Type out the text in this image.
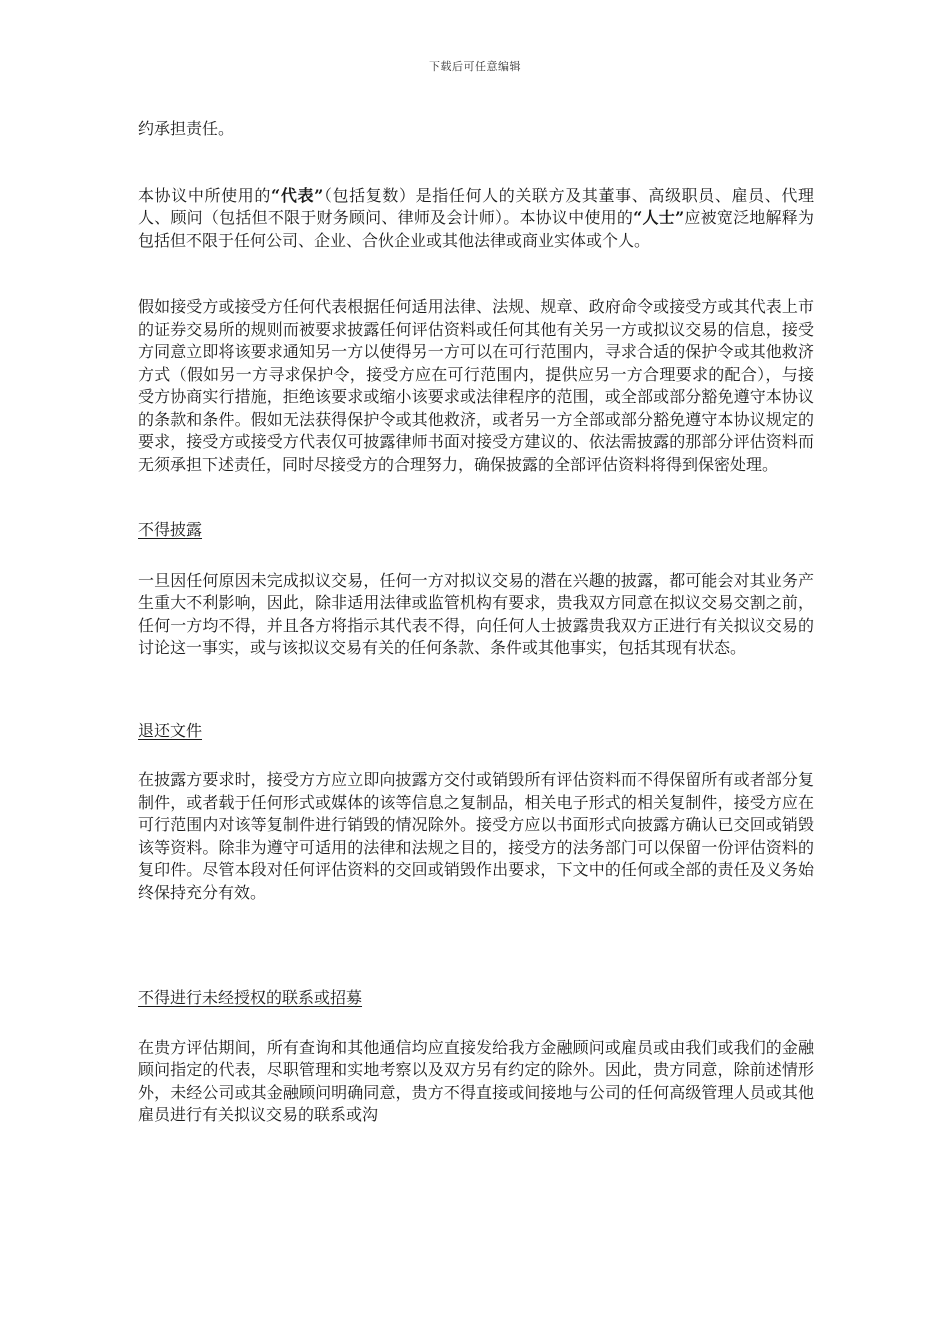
下载后可任意编辑

约承担责任。

本协议中所使用的“代表”（包括复数）是指任何人的关联方及其董事、高级职员、雇员、代理人、顾问（包括但不限于财务顾问、律师及会计师）。本协议中使用的“人士”应被宽泛地解释为包括但不限于任何公司、企业、合伙企业或其他法律或商业实体或个人。

假如接受方或接受方任何代表根据任何适用法律、法规、规章、政府命令或接受方或其代表上市的证券交易所的规则而被要求披露任何评估资料或任何其他有关另一方或拟议交易的信息，接受方同意立即将该要求通知另一方以使得另一方可以在可行范围内，寻求合适的保护令或其他救济方式（假如另一方寻求保护令，接受方应在可行范围内，提供应另一方合理要求的配合），与接受方协商实行措施，拒绝该要求或缩小该要求或法律程序的范围，或全部或部分豁免遵守本协议的条款和条件。假如无法获得保护令或其他救济，或者另一方全部或部分豁免遵守本协议规定的要求，接受方或接受方代表仅可披露律师书面对接受方建议的、依法需披露的那部分评估资料而无须承担下述责任，同时尽接受方的合理努力，确保披露的全部评估资料将得到保密处理。

不得披露

一旦因任何原因未完成拟议交易，任何一方对拟议交易的潜在兴趣的披露，都可能会对其业务产生重大不利影响，因此，除非适用法律或监管机构有要求，贵我双方同意在拟议交易交割之前，任何一方均不得，并且各方将指示其代表不得，向任何人士披露贵我双方正进行有关拟议交易的讨论这一事实，或与该拟议交易有关的任何条款、条件或其他事实，包括其现有状态。

退还文件

在披露方要求时，接受方方应立即向披露方交付或销毁所有评估资料而不得保留所有或者部分复制件，或者载于任何形式或媒体的该等信息之复制品，相关电子形式的相关复制件，接受方应在可行范围内对该等复制件进行销毁的情况除外。接受方应以书面形式向披露方确认已交回或销毁该等资料。除非为遵守可适用的法律和法规之目的，接受方的法务部门可以保留一份评估资料的复印件。尽管本段对任何评估资料的交回或销毁作出要求，下文中的任何或全部的责任及义务始终保持充分有效。

不得进行未经授权的联系或招募

在贵方评估期间，所有查询和其他通信均应直接发给我方金融顾问或雇员或由我们或我们的金融顾问指定的代表，尽职管理和实地考察以及双方另有约定的除外。因此，贵方同意，除前述情形外，未经公司或其金融顾问明确同意，贵方不得直接或间接地与公司的任何高级管理人员或其他雇员进行有关拟议交易的联系或沟
